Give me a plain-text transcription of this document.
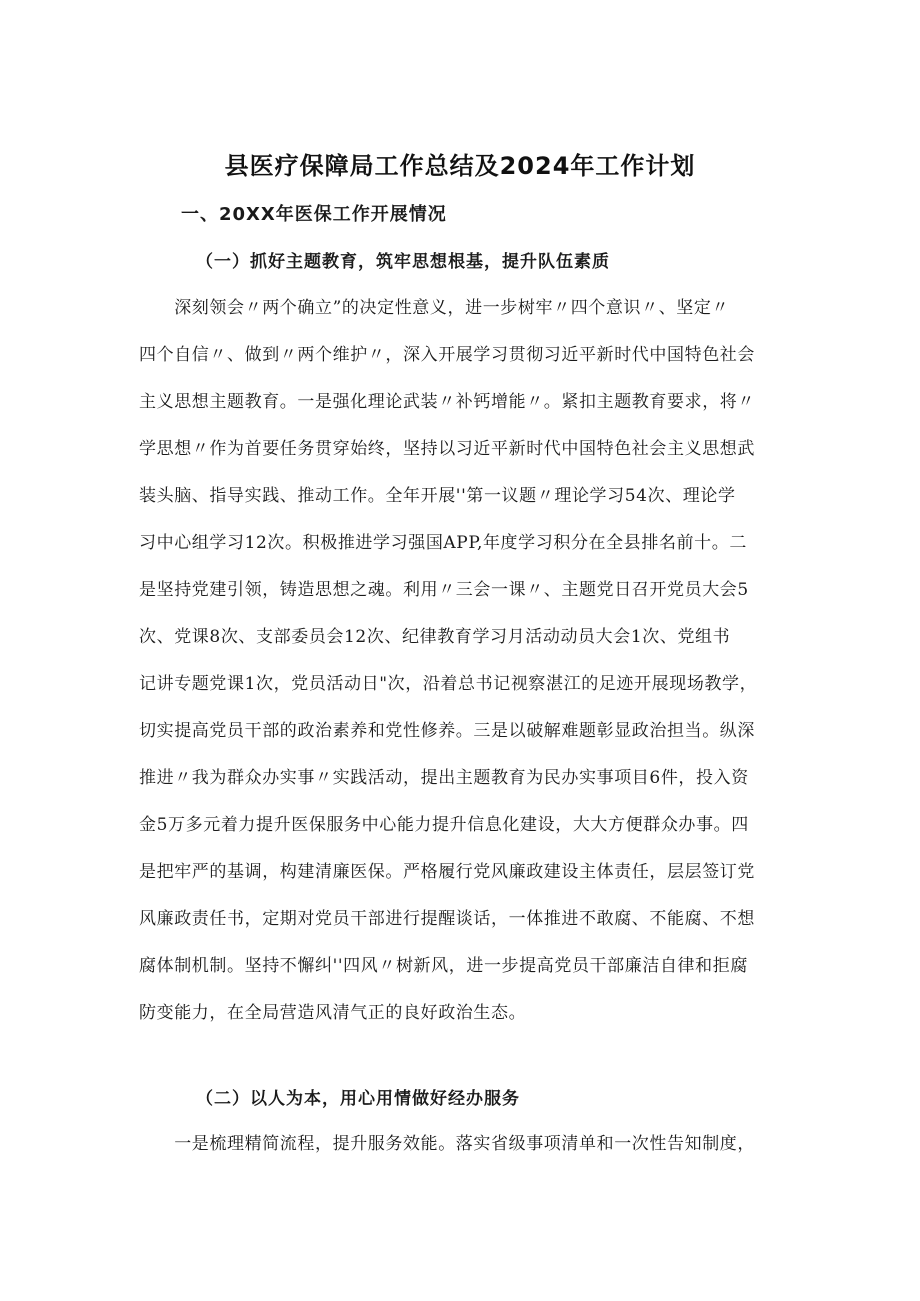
县医疗保障局工作总结及2024年工作计划
一、20XX年医保工作开展情况
（一）抓好主题教育，筑牢思想根基，提升队伍素质
　　深刻领会〃两个确立”的决定性意义，进一步树牢〃四个意识〃、坚定〃
四个自信〃、做到〃两个维护〃，深入开展学习贯彻习近平新时代中国特色社会
主义思想主题教育。一是强化理论武装〃补钙增能〃。紧扣主题教育要求，将〃
学思想〃作为首要任务贯穿始终，坚持以习近平新时代中国特色社会主义思想武
装头脑、指导实践、推动工作。全年开展''第一议题〃理论学习54次、理论学
习中心组学习12次。积极推进学习强国APP,年度学习积分在全县排名前十。二
是坚持党建引领，铸造思想之魂。利用〃三会一课〃、主题党日召开党员大会5
次、党课8次、支部委员会12次、纪律教育学习月活动动员大会1次、党组书
记讲专题党课1次，党员活动日"次，沿着总书记视察湛江的足迹开展现场教学，
切实提高党员干部的政治素养和党性修养。三是以破解难题彰显政治担当。纵深
推进〃我为群众办实事〃实践活动，提出主题教育为民办实事项目6件，投入资
金5万多元着力提升医保服务中心能力提升信息化建设，大大方便群众办事。四
是把牢严的基调，构建清廉医保。严格履行党风廉政建设主体责任，层层签订党
风廉政责任书，定期对党员干部进行提醒谈话，一体推进不敢腐、不能腐、不想
腐体制机制。坚持不懈纠''四风〃树新风，进一步提高党员干部廉洁自律和拒腐
防变能力，在全局营造风清气正的良好政治生态。
（二）以人为本，用心用情做好经办服务
　　一是梳理精简流程，提升服务效能。落实省级事项清单和一次性告知制度，
